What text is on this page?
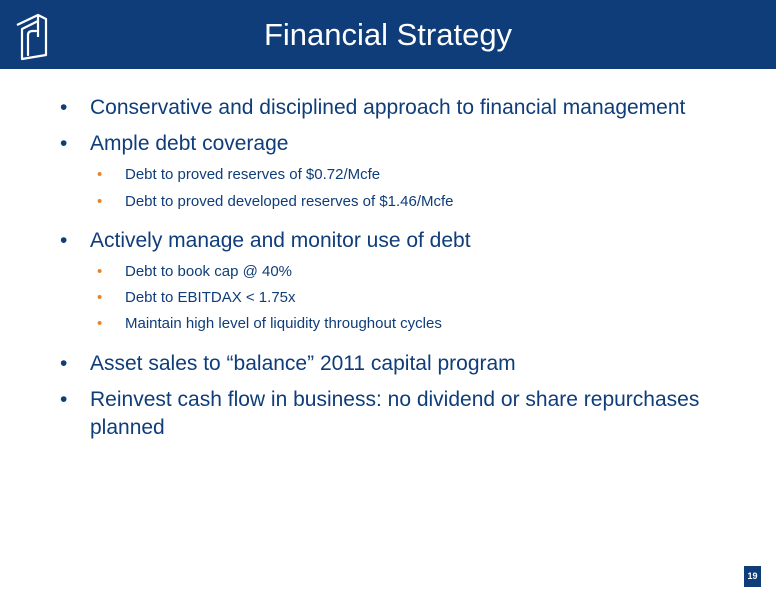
Financial Strategy
• Conservative and disciplined approach to financial management
• Ample debt coverage
• Debt to proved reserves of $0.72/Mcfe
• Debt to proved developed reserves of $1.46/Mcfe
• Actively manage and monitor use of debt
• Debt to book cap @ 40%
• Debt to EBITDAX < 1.75x
• Maintain high level of liquidity throughout cycles
• Asset sales to “balance” 2011 capital program
• Reinvest cash flow in business: no dividend or share repurchases planned
19
